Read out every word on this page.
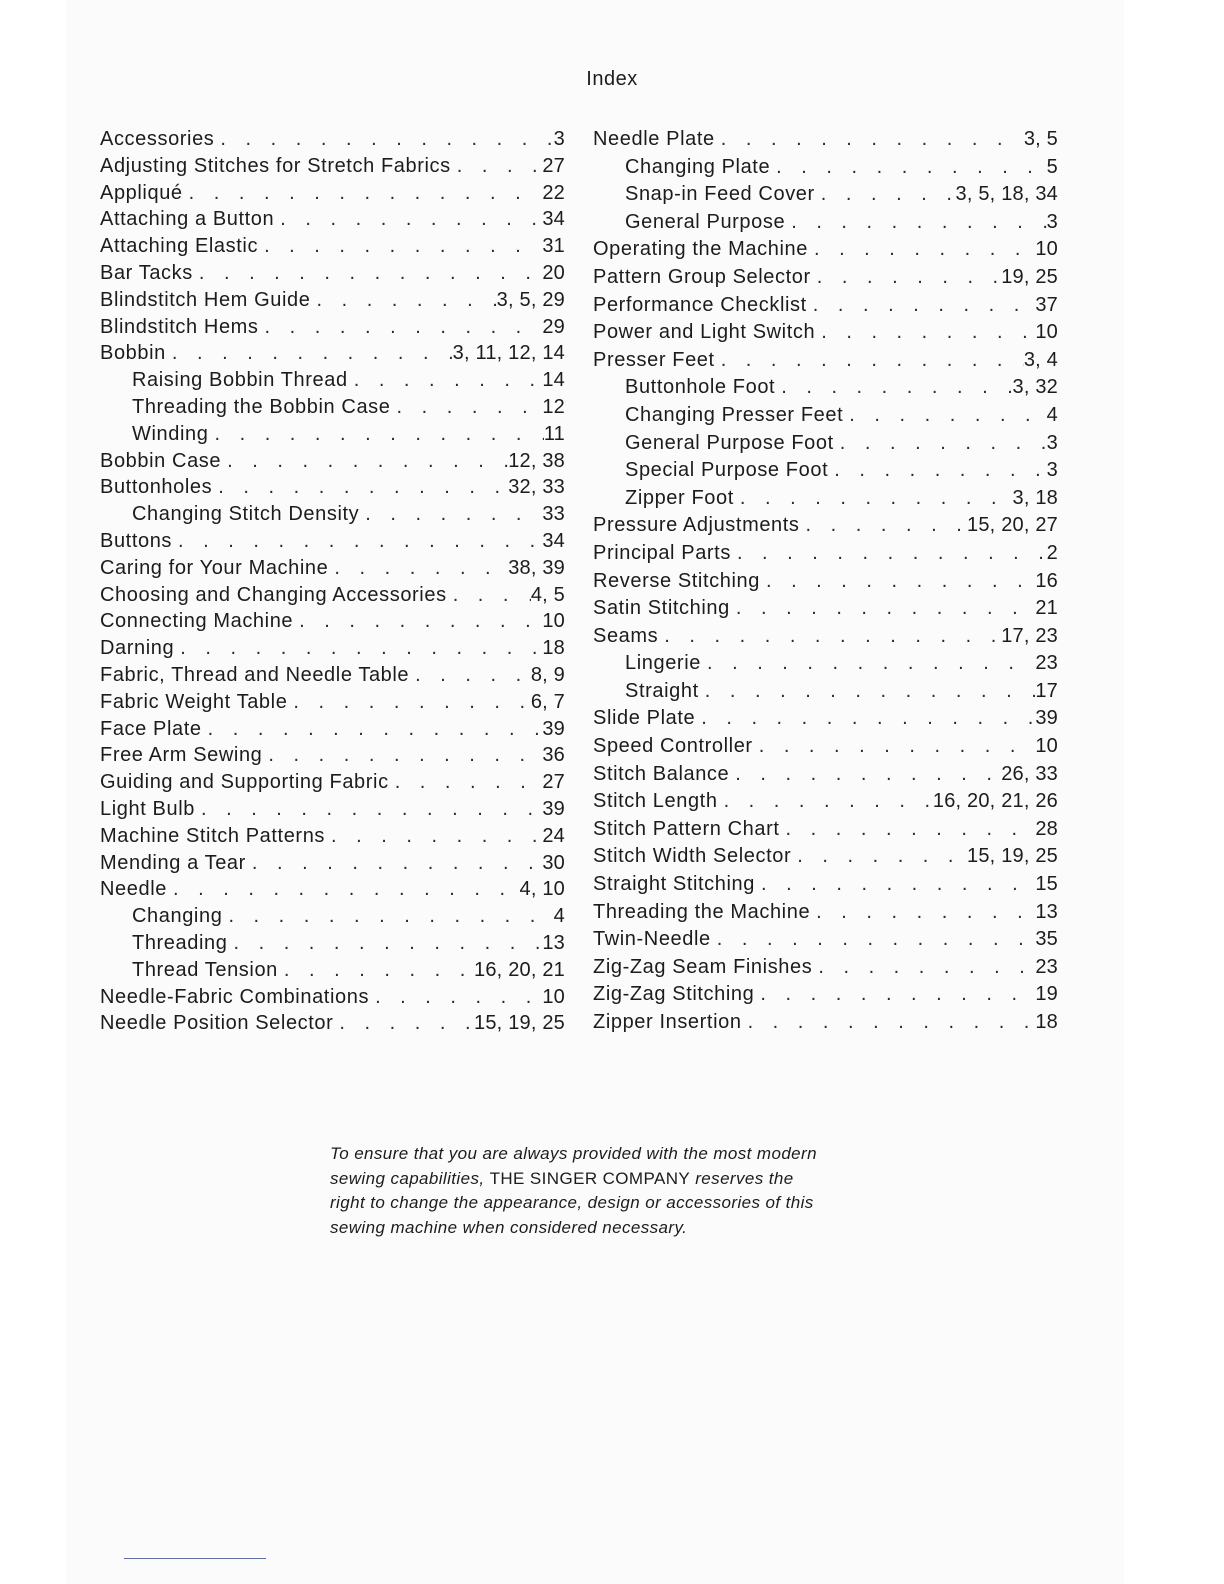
Index
Accessories . . .	3
Adjusting Stitches for Stretch Fabrics . . .	27
Appliqué . . .	22
Attaching a Button . . .	34
Attaching Elastic . . .	31
Bar Tacks . . .	20
Blindstitch Hem Guide . . .	3, 5, 29
Blindstitch Hems . . .	29
Bobbin . . .	3, 11, 12, 14
Raising Bobbin Thread . . .	14
Threading the Bobbin Case . . .	12
Winding . . .	11
Bobbin Case . . .	12, 38
Buttonholes . . .	32, 33
Changing Stitch Density . . .	33
Buttons . . .	34
Caring for Your Machine . . .	38, 39
Choosing and Changing Accessories . . .	4, 5
Connecting Machine . . .	10
Darning . . .	18
Fabric, Thread and Needle Table . . .	8, 9
Fabric Weight Table . . .	6, 7
Face Plate . . .	39
Free Arm Sewing . . .	36
Guiding and Supporting Fabric . . .	27
Light Bulb . . .	39
Machine Stitch Patterns . . .	24
Mending a Tear . . .	30
Needle . . .	4, 10
Changing . . .	4
Threading . . .	13
Thread Tension . . .	16, 20, 21
Needle-Fabric Combinations . . .	10
Needle Position Selector . . .	15, 19, 25
Needle Plate . . .	3, 5
Changing Plate . . .	5
Snap-in Feed Cover . . .	3, 5, 18, 34
General Purpose . . .	3
Operating the Machine . . .	10
Pattern Group Selector . . .	19, 25
Performance Checklist . . .	37
Power and Light Switch . . .	10
Presser Feet . . .	3, 4
Buttonhole Foot . . .	3, 32
Changing Presser Feet . . .	4
General Purpose Foot . . .	3
Special Purpose Foot . . .	3
Zipper Foot . . .	3, 18
Pressure Adjustments . . .	15, 20, 27
Principal Parts . . .	2
Reverse Stitching . . .	16
Satin Stitching . . .	21
Seams . . .	17, 23
Lingerie . . .	23
Straight . . .	17
Slide Plate . . .	39
Speed Controller . . .	10
Stitch Balance . . .	26, 33
Stitch Length . . .	16, 20, 21, 26
Stitch Pattern Chart . . .	28
Stitch Width Selector . . .	15, 19, 25
Straight Stitching . . .	15
Threading the Machine . . .	13
Twin-Needle . . .	35
Zig-Zag Seam Finishes . . .	23
Zig-Zag Stitching . . .	19
Zipper Insertion . . .	18
To ensure that you are always provided with the most modern sewing capabilities, THE SINGER COMPANY reserves the right to change the appearance, design or accessories of this sewing machine when considered necessary.
